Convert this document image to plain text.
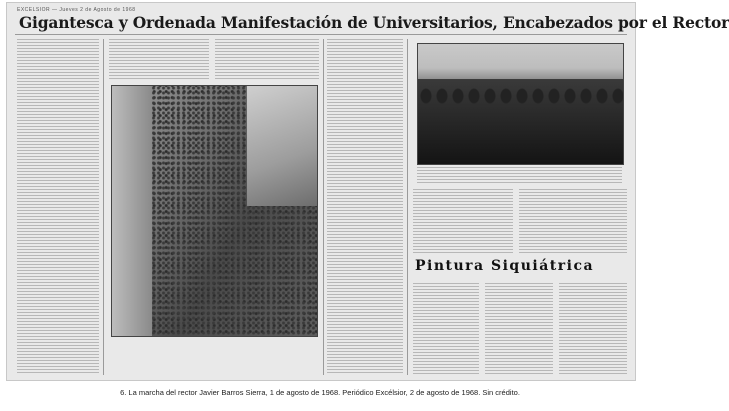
EXCELSIOR — Jueves 2 de Agosto de 1968
Gigantesca y Ordenada Manifestación de Universitarios, Encabezados por el Rector
Pintura Siquiátrica
6. La marcha del rector Javier Barros Sierra, 1 de agosto de 1968. Periódico Excélsior, 2 de agosto de 1968. Sin crédito.
